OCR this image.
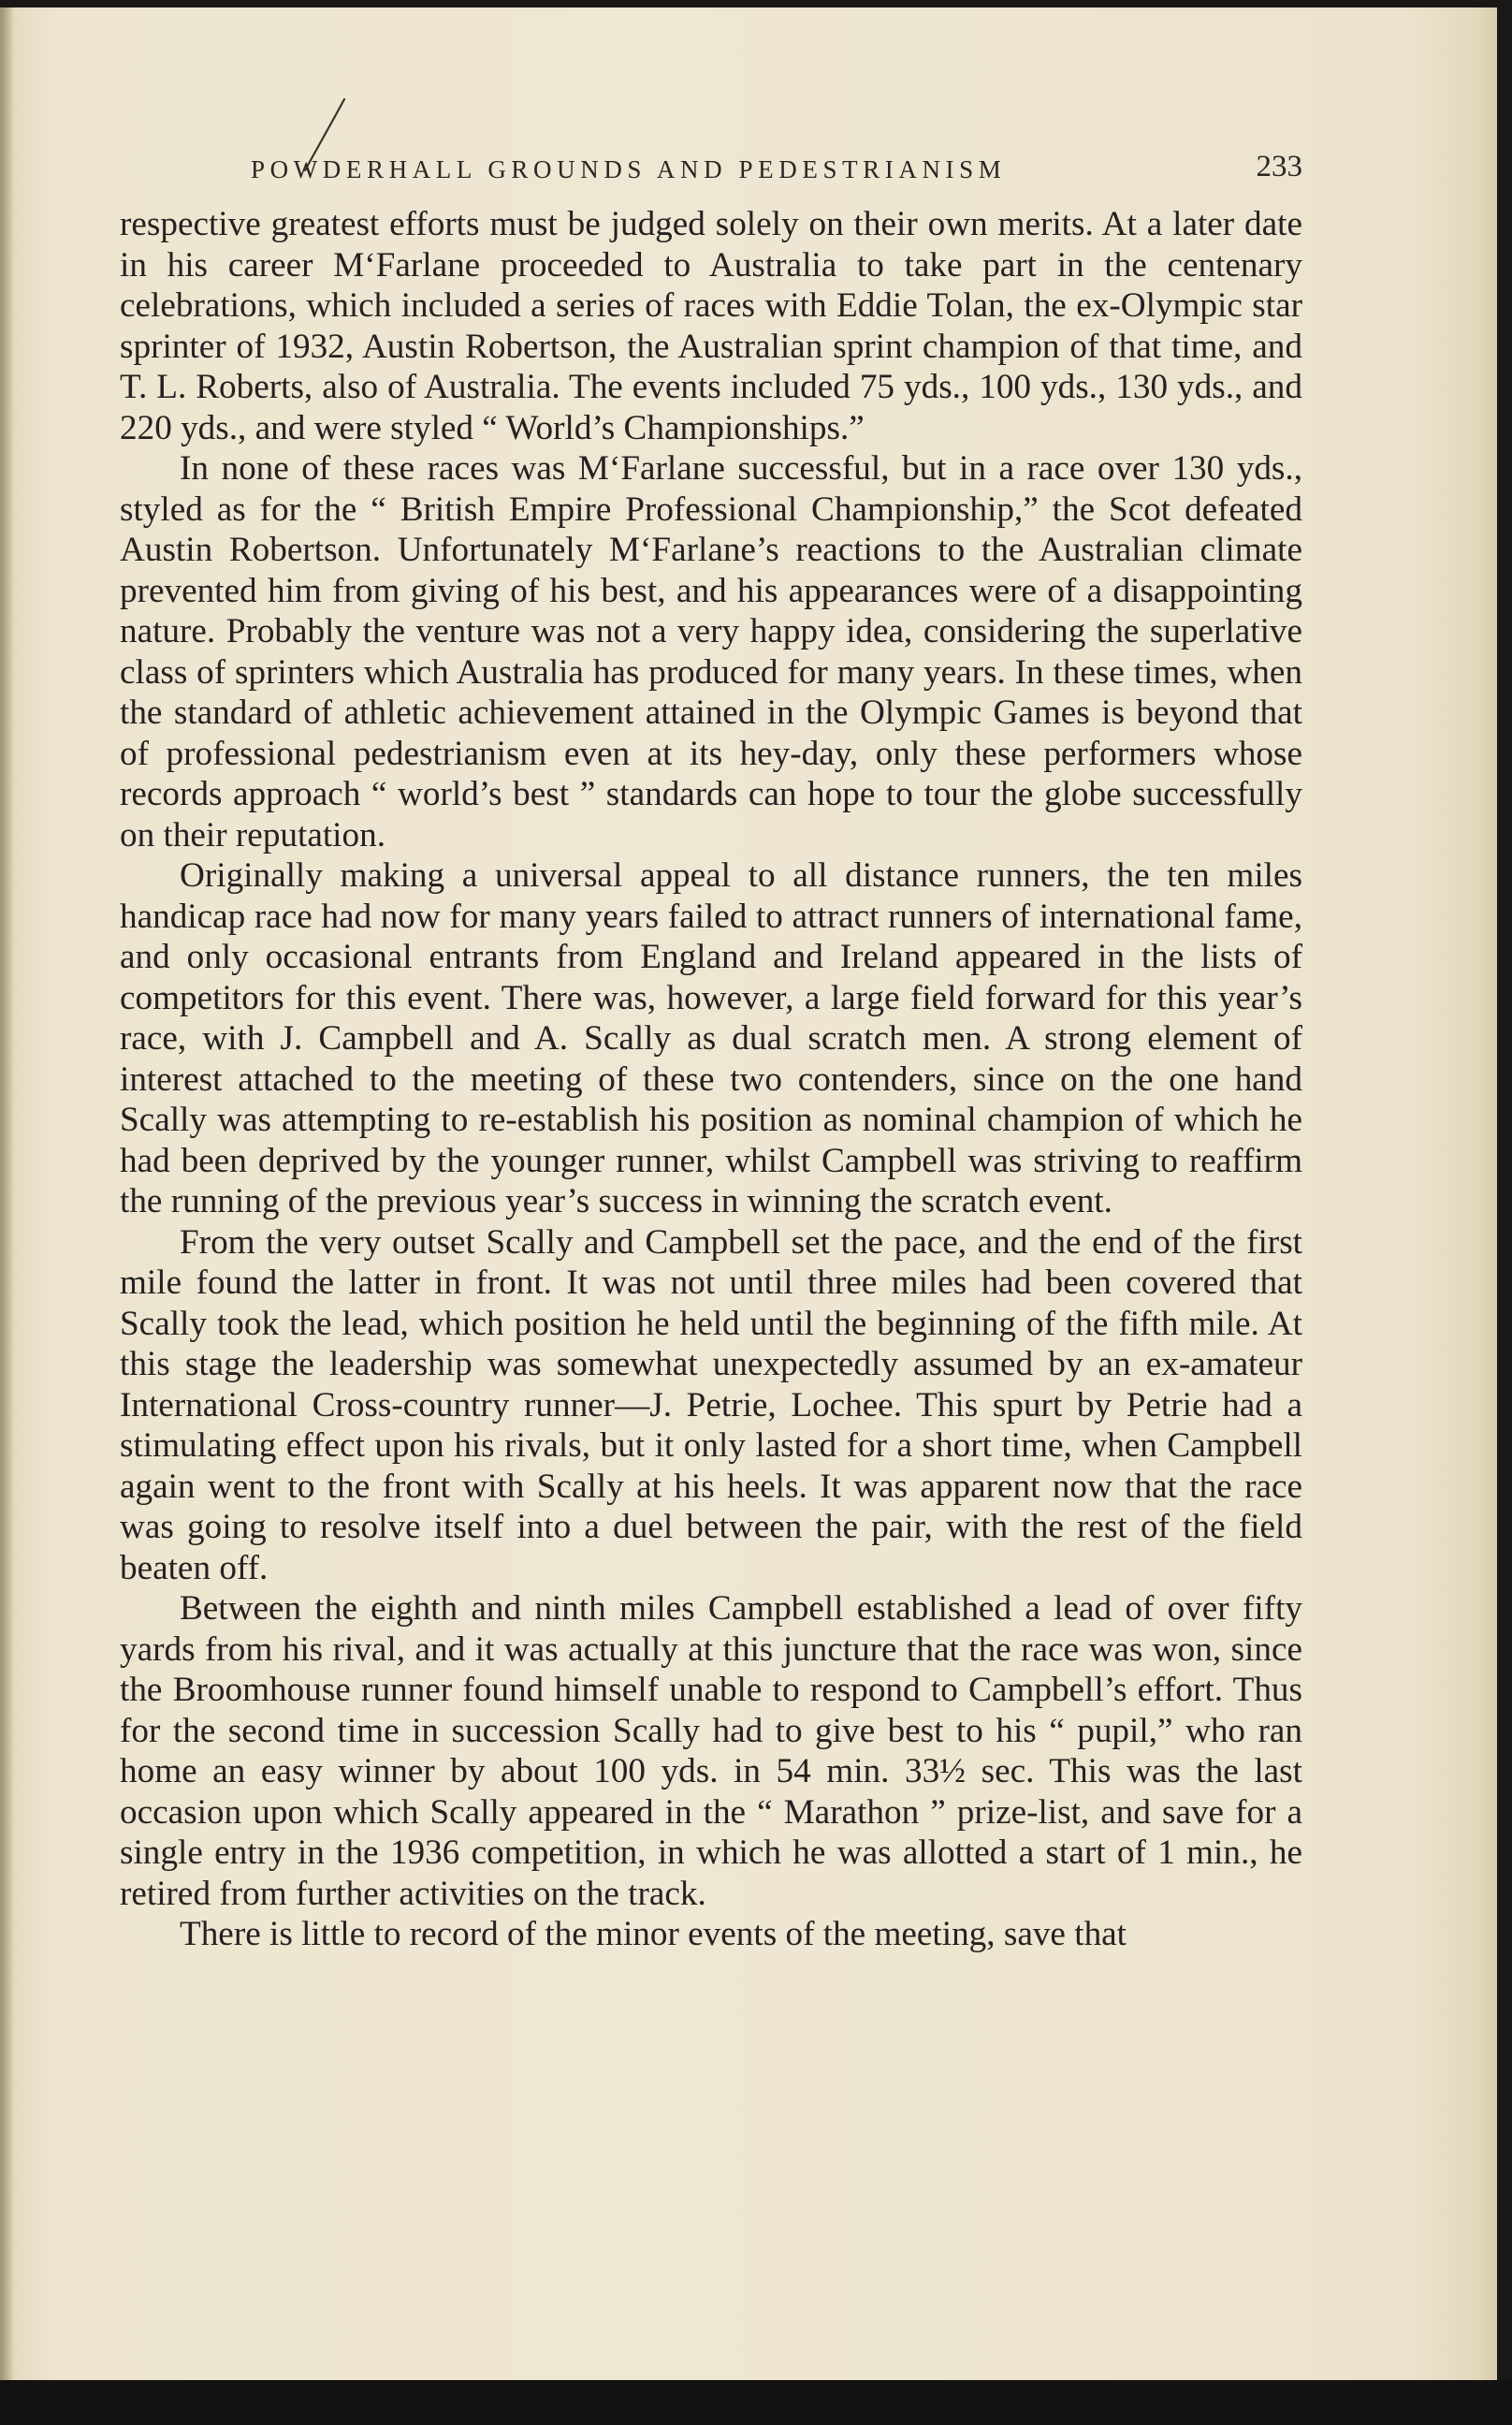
POWDERHALL GROUNDS AND PEDESTRIANISM	233

respective greatest efforts must be judged solely on their own merits. At a later date in his career M‘Farlane proceeded to Australia to take part in the centenary celebrations, which included a series of races with Eddie Tolan, the ex-Olympic star sprinter of 1932, Austin Robertson, the Australian sprint champion of that time, and T. L. Roberts, also of Australia. The events included 75 yds., 100 yds., 130 yds., and 220 yds., and were styled “ World’s Championships.”

In none of these races was M‘Farlane successful, but in a race over 130 yds., styled as for the “ British Empire Professional Championship,” the Scot defeated Austin Robertson. Unfortunately M‘Farlane’s reactions to the Australian climate prevented him from giving of his best, and his appearances were of a disappointing nature. Probably the venture was not a very happy idea, considering the superlative class of sprinters which Australia has produced for many years. In these times, when the standard of athletic achievement attained in the Olympic Games is beyond that of professional pedestrianism even at its hey-day, only these performers whose records approach “ world’s best ” standards can hope to tour the globe successfully on their reputation.

Originally making a universal appeal to all distance runners, the ten miles handicap race had now for many years failed to attract runners of international fame, and only occasional entrants from England and Ireland appeared in the lists of competitors for this event. There was, however, a large field forward for this year’s race, with J. Campbell and A. Scally as dual scratch men. A strong element of interest attached to the meeting of these two contenders, since on the one hand Scally was attempting to re-establish his position as nominal champion of which he had been deprived by the younger runner, whilst Campbell was striving to reaffirm the running of the previous year’s success in winning the scratch event.

From the very outset Scally and Campbell set the pace, and the end of the first mile found the latter in front. It was not until three miles had been covered that Scally took the lead, which position he held until the beginning of the fifth mile. At this stage the leadership was somewhat unexpectedly assumed by an ex-amateur International Cross-country runner—J. Petrie, Lochee. This spurt by Petrie had a stimulating effect upon his rivals, but it only lasted for a short time, when Campbell again went to the front with Scally at his heels. It was apparent now that the race was going to resolve itself into a duel between the pair, with the rest of the field beaten off.

Between the eighth and ninth miles Campbell established a lead of over fifty yards from his rival, and it was actually at this juncture that the race was won, since the Broomhouse runner found himself unable to respond to Campbell’s effort. Thus for the second time in succession Scally had to give best to his “ pupil,” who ran home an easy winner by about 100 yds. in 54 min. 33½ sec. This was the last occasion upon which Scally appeared in the “ Marathon ” prize-list, and save for a single entry in the 1936 competition, in which he was allotted a start of 1 min., he retired from further activities on the track.

There is little to record of the minor events of the meeting, save that
